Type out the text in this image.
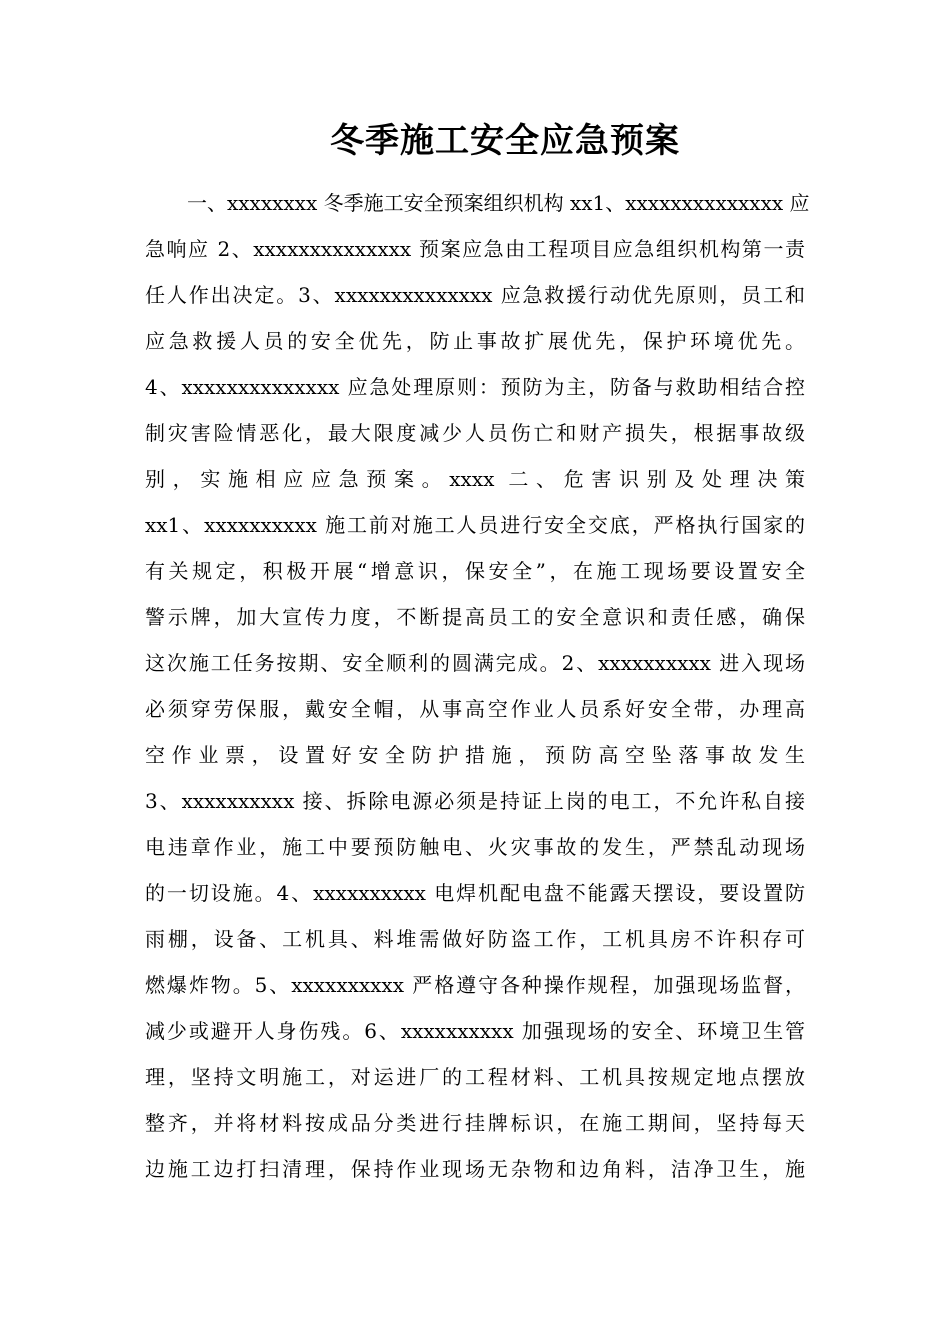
冬季施工安全应急预案
一、xxxxxxxx 冬季施工安全预案组织机构 xx1、xxxxxxxxxxxxxx 应
急响应 2、xxxxxxxxxxxxxx 预案应急由工程项目应急组织机构第一责
任人作出决定。3、xxxxxxxxxxxxxx 应急救援行动优先原则，员工和
应急救援人员的安全优先，防止事故扩展优先，保护环境优先。
4、xxxxxxxxxxxxxx 应急处理原则：预防为主，防备与救助相结合控
制灾害险情恶化，最大限度减少人员伤亡和财产损失，根据事故级
别，实施相应应急预案。xxxx 二、危害识别及处理决策
xx1、xxxxxxxxxx 施工前对施工人员进行安全交底，严格执行国家的
有关规定，积极开展“增意识，保安全”，在施工现场要设置安全
警示牌，加大宣传力度，不断提高员工的安全意识和责任感，确保
这次施工任务按期、安全顺利的圆满完成。2、xxxxxxxxxx 进入现场
必须穿劳保服，戴安全帽，从事高空作业人员系好安全带，办理高
空作业票，设置好安全防护措施，预防高空坠落事故发生
3、xxxxxxxxxx 接、拆除电源必须是持证上岗的电工，不允许私自接
电违章作业，施工中要预防触电、火灾事故的发生，严禁乱动现场
的一切设施。4、xxxxxxxxxx 电焊机配电盘不能露天摆设，要设置防
雨棚，设备、工机具、料堆需做好防盗工作，工机具房不许积存可
燃爆炸物。5、xxxxxxxxxx 严格遵守各种操作规程，加强现场监督，
减少或避开人身伤残。6、xxxxxxxxxx 加强现场的安全、环境卫生管
理，坚持文明施工，对运进厂的工程材料、工机具按规定地点摆放
整齐，并将材料按成品分类进行挂牌标识，在施工期间，坚持每天
边施工边打扫清理，保持作业现场无杂物和边角料，洁净卫生，施
